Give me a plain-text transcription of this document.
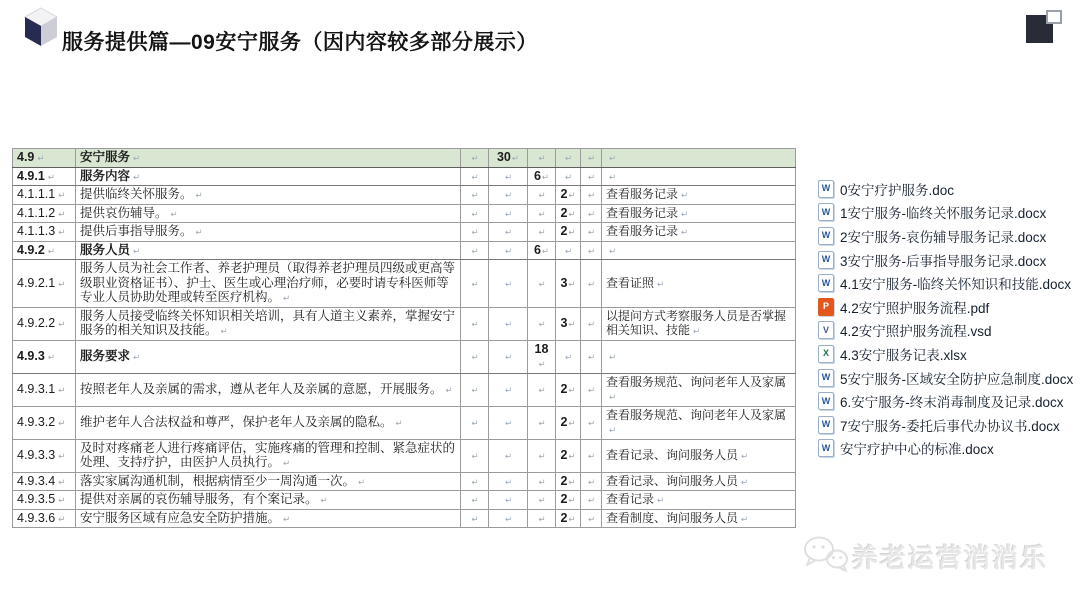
服务提供篇—09安宁服务（因内容较多部分展示）
4.9 ↵	安宁服务 ↵	↵	30↵	↵	↵	↵	↵
4.9.1 ↵	服务内容 ↵	↵	↵	6↵	↵	↵	↵
4.1.1.1 ↵	提供临终关怀服务。 ↵	↵	↵	↵	2↵	↵	查看服务记录 ↵
4.1.1.2 ↵	提供哀伤辅导。 ↵	↵	↵	↵	2↵	↵	查看服务记录 ↵
4.1.1.3 ↵	提供后事指导服务。 ↵	↵	↵	↵	2↵	↵	查看服务记录 ↵
4.9.2 ↵	服务人员 ↵	↵	↵	6↵	↵	↵	↵
4.9.2.1 ↵	服务人员为社会工作者、养老护理员（取得养老护理员四级或更高等级职业资格证书）、护士、医生或心理治疗师，必要时请专科医师等专业人员协助处理或转至医疗机构。 ↵	↵	↵	↵	3↵	↵	查看证照 ↵
4.9.2.2 ↵	服务人员接受临终关怀知识相关培训，具有人道主义素养，掌握安宁服务的相关知识及技能。 ↵	↵	↵	↵	3↵	↵	以提问方式考察服务人员是否掌握相关知识、技能 ↵
4.9.3 ↵	服务要求 ↵	↵	↵	18↵	↵	↵	↵
4.9.3.1 ↵	按照老年人及亲属的需求，遵从老年人及亲属的意愿，开展服务。 ↵	↵	↵	↵	2↵	↵	查看服务规范、询问老年人及家属↵
4.9.3.2 ↵	维护老年人合法权益和尊严，保护老年人及亲属的隐私。 ↵	↵	↵	↵	2↵	↵	查看服务规范、询问老年人及家属↵
4.9.3.3 ↵	及时对疼痛老人进行疼痛评估，实施疼痛的管理和控制、紧急症状的处理、支持疗护，由医护人员执行。 ↵	↵	↵	↵	2↵	↵	查看记录、询问服务人员 ↵
4.9.3.4 ↵	落实家属沟通机制，根据病情至少一周沟通一次。 ↵	↵	↵	↵	2↵	↵	查看记录、询问服务人员 ↵
4.9.3.5 ↵	提供对亲属的哀伤辅导服务，有个案记录。 ↵	↵	↵	↵	2↵	↵	查看记录 ↵
4.9.3.6 ↵	安宁服务区域有应急安全防护措施。 ↵	↵	↵	↵	2↵	↵	查看制度、询问服务人员 ↵
W 0安宁疗护服务.doc
W 1安宁服务-临终关怀服务记录.docx
W 2安宁服务-哀伤辅导服务记录.docx
W 3安宁服务-后事指导服务记录.docx
W 4.1安宁服务-临终关怀知识和技能.docx
P 4.2安宁照护服务流程.pdf
V 4.2安宁照护服务流程.vsd
X 4.3安宁服务记表.xlsx
W 5安宁服务-区域安全防护应急制度.docx
W 6.安宁服务-终末消毒制度及记录.docx
W 7安宁服务-委托后事代办协议书.docx
W 安宁疗护中心的标准.docx
养老运营消消乐
